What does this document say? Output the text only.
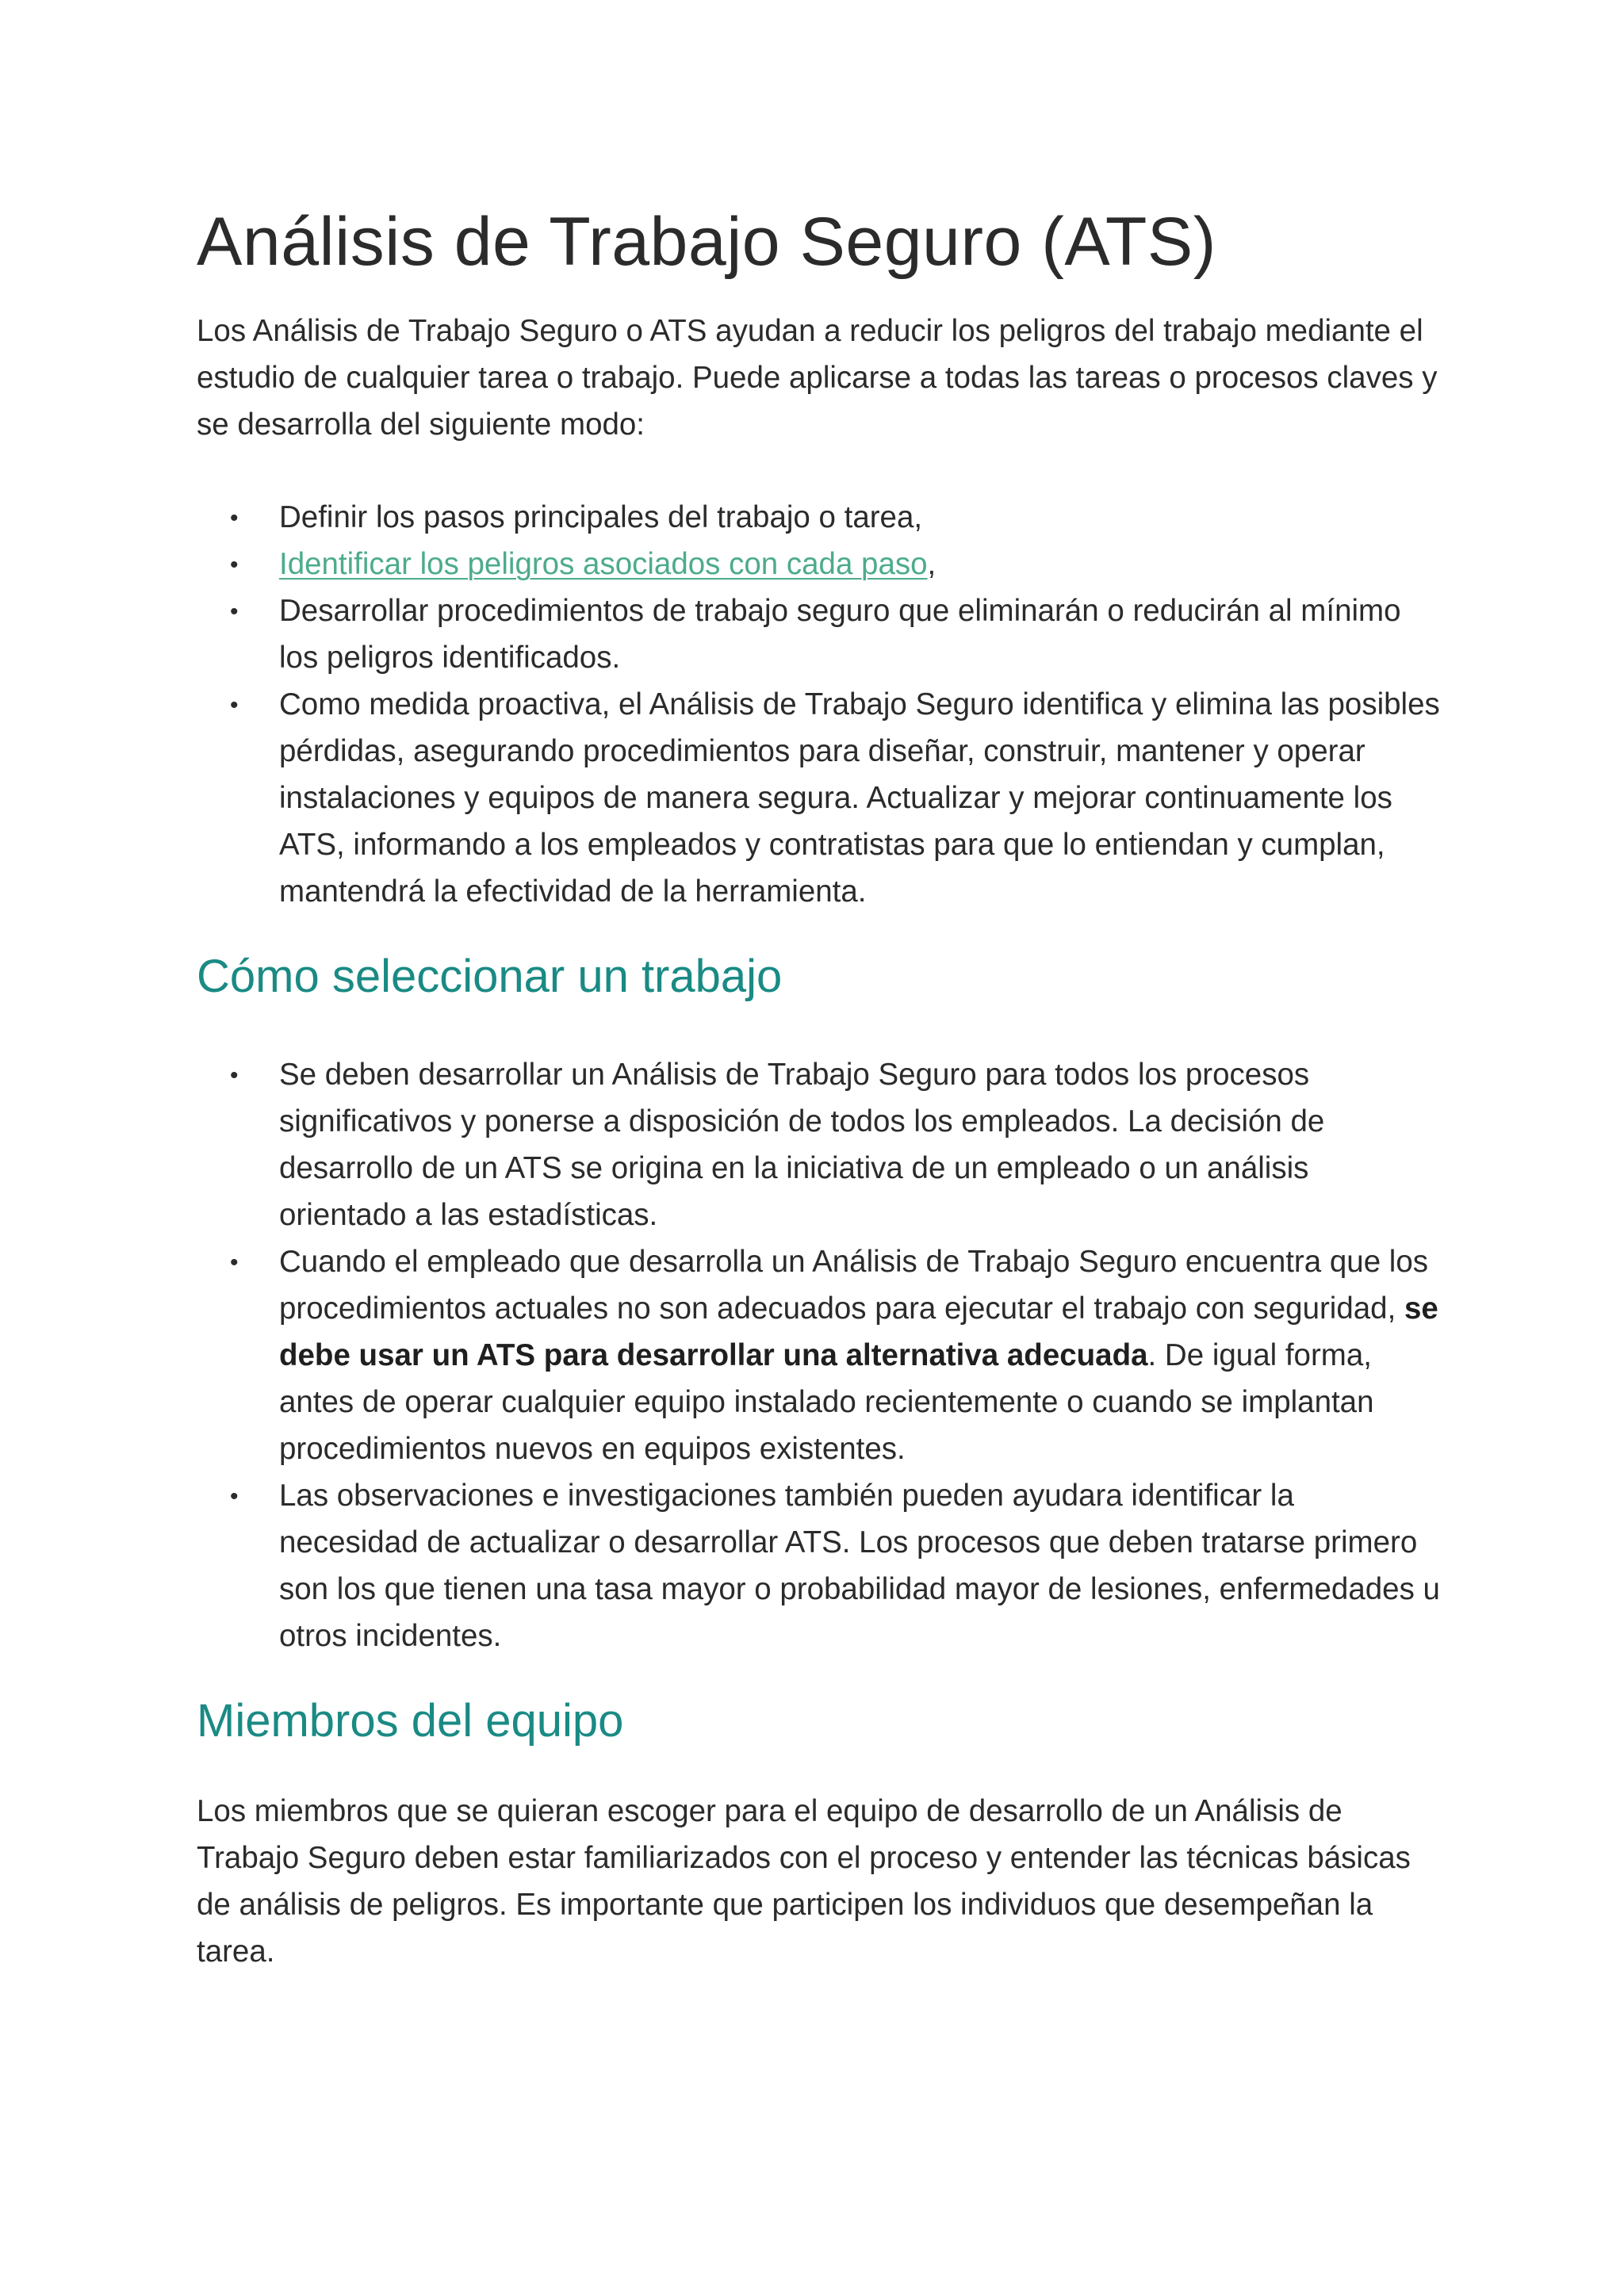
Análisis de Trabajo Seguro (ATS)

Los Análisis de Trabajo Seguro o ATS ayudan a reducir los peligros del trabajo mediante el estudio de cualquier tarea o trabajo. Puede aplicarse a todas las tareas o procesos claves y se desarrolla del siguiente modo:

• Definir los pasos principales del trabajo o tarea,
• Identificar los peligros asociados con cada paso,
• Desarrollar procedimientos de trabajo seguro que eliminarán o reducirán al mínimo los peligros identificados.
• Como medida proactiva, el Análisis de Trabajo Seguro identifica y elimina las posibles pérdidas, asegurando procedimientos para diseñar, construir, mantener y operar instalaciones y equipos de manera segura. Actualizar y mejorar continuamente los ATS, informando a los empleados y contratistas para que lo entiendan y cumplan, mantendrá la efectividad de la herramienta.
Cómo seleccionar un trabajo
• Se deben desarrollar un Análisis de Trabajo Seguro para todos los procesos significativos y ponerse a disposición de todos los empleados. La decisión de desarrollo de un ATS se origina en la iniciativa de un empleado o un análisis orientado a las estadísticas.
• Cuando el empleado que desarrolla un Análisis de Trabajo Seguro encuentra que los procedimientos actuales no son adecuados para ejecutar el trabajo con seguridad, se debe usar un ATS para desarrollar una alternativa adecuada. De igual forma, antes de operar cualquier equipo instalado recientemente o cuando se implantan procedimientos nuevos en equipos existentes.
• Las observaciones e investigaciones también pueden ayudara identificar la necesidad de actualizar o desarrollar ATS. Los procesos que deben tratarse primero son los que tienen una tasa mayor o probabilidad mayor de lesiones, enfermedades u otros incidentes.
Miembros del equipo

Los miembros que se quieran escoger para el equipo de desarrollo de un Análisis de Trabajo Seguro deben estar familiarizados con el proceso y entender las técnicas básicas de análisis de peligros. Es importante que participen los individuos que desempeñan la tarea.
